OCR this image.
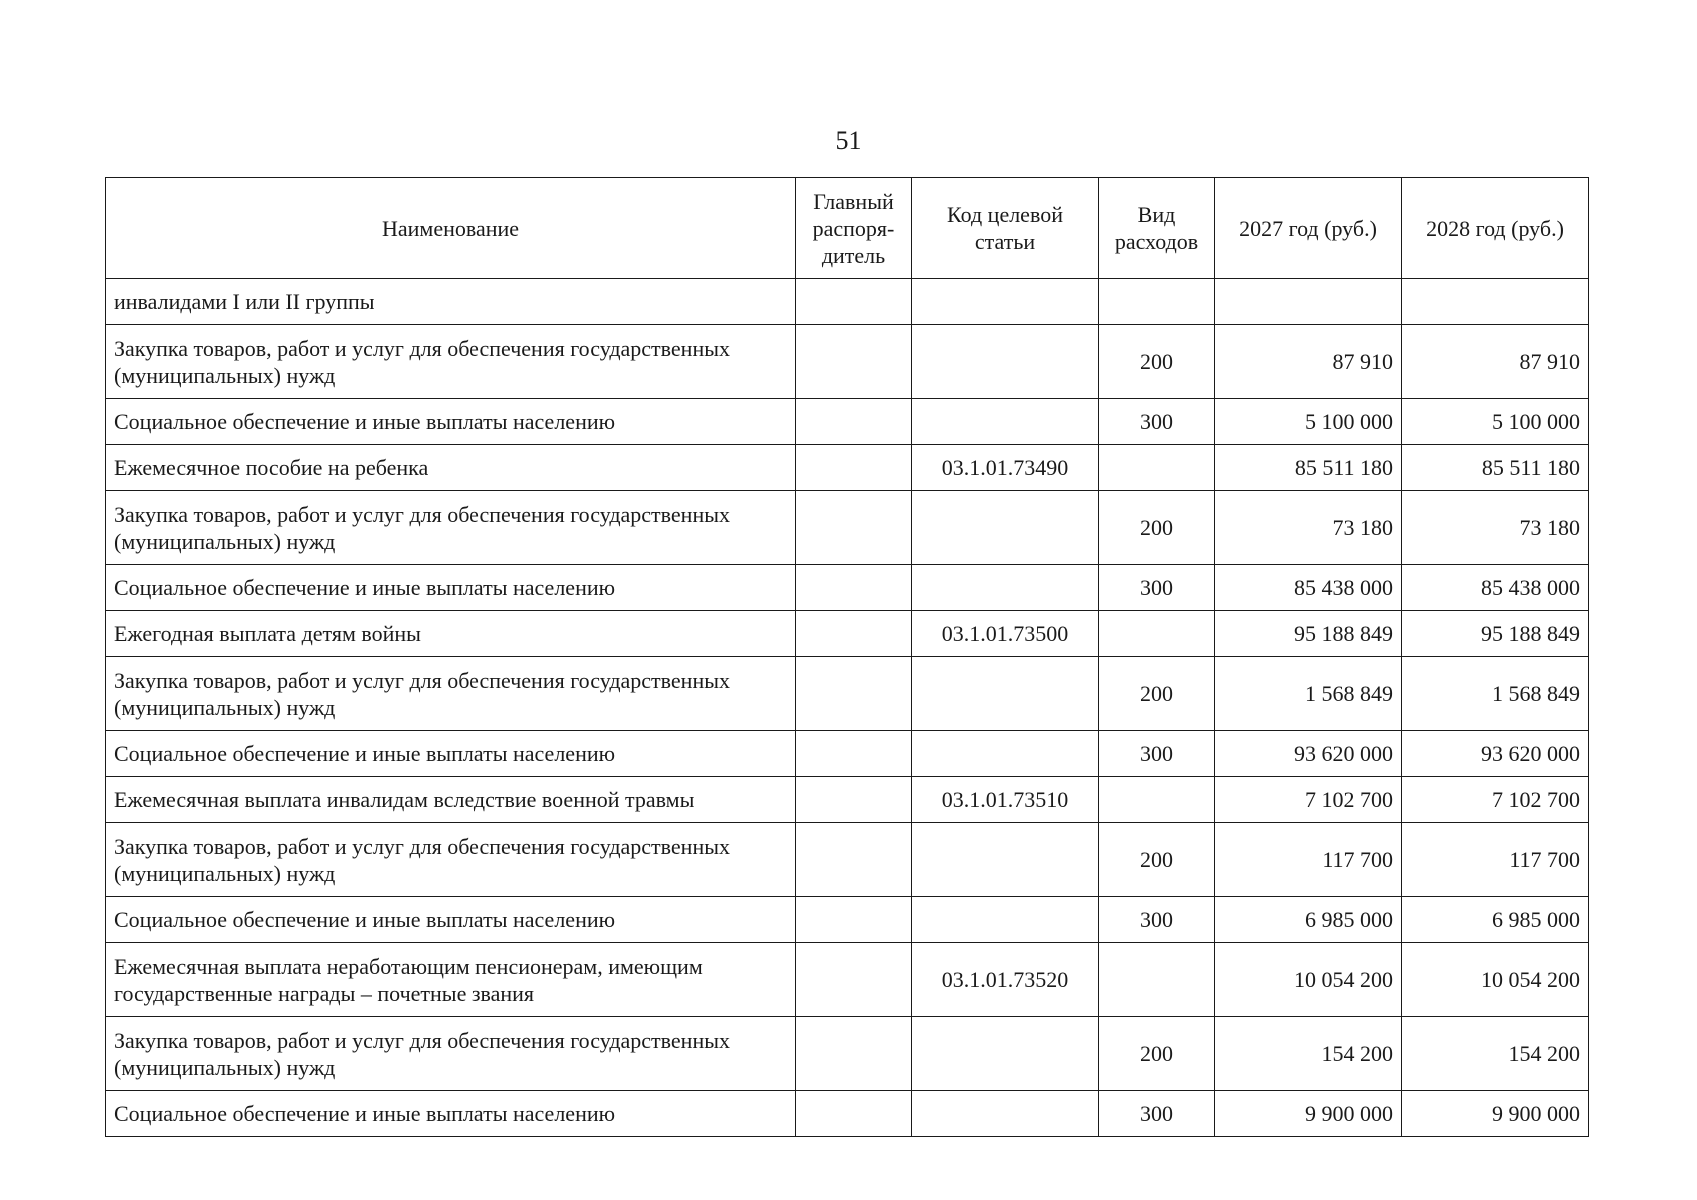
51
Наименование	Главный распоря-дитель	Код целевой статьи	Вид расходов	2027 год (руб.)	2028 год (руб.)
инвалидами I или II группы					
Закупка товаров, работ и услуг для обеспечения государственных (муниципальных) нужд			200	87 910	87 910
Социальное обеспечение и иные выплаты населению			300	5 100 000	5 100 000
Ежемесячное пособие на ребенка		03.1.01.73490		85 511 180	85 511 180
Закупка товаров, работ и услуг для обеспечения государственных (муниципальных) нужд			200	73 180	73 180
Социальное обеспечение и иные выплаты населению			300	85 438 000	85 438 000
Ежегодная выплата детям войны		03.1.01.73500		95 188 849	95 188 849
Закупка товаров, работ и услуг для обеспечения государственных (муниципальных) нужд			200	1 568 849	1 568 849
Социальное обеспечение и иные выплаты населению			300	93 620 000	93 620 000
Ежемесячная выплата инвалидам вследствие военной травмы		03.1.01.73510		7 102 700	7 102 700
Закупка товаров, работ и услуг для обеспечения государственных (муниципальных) нужд			200	117 700	117 700
Социальное обеспечение и иные выплаты населению			300	6 985 000	6 985 000
Ежемесячная выплата неработающим пенсионерам, имеющим государственные награды – почетные звания		03.1.01.73520		10 054 200	10 054 200
Закупка товаров, работ и услуг для обеспечения государственных (муниципальных) нужд			200	154 200	154 200
Социальное обеспечение и иные выплаты населению			300	9 900 000	9 900 000
